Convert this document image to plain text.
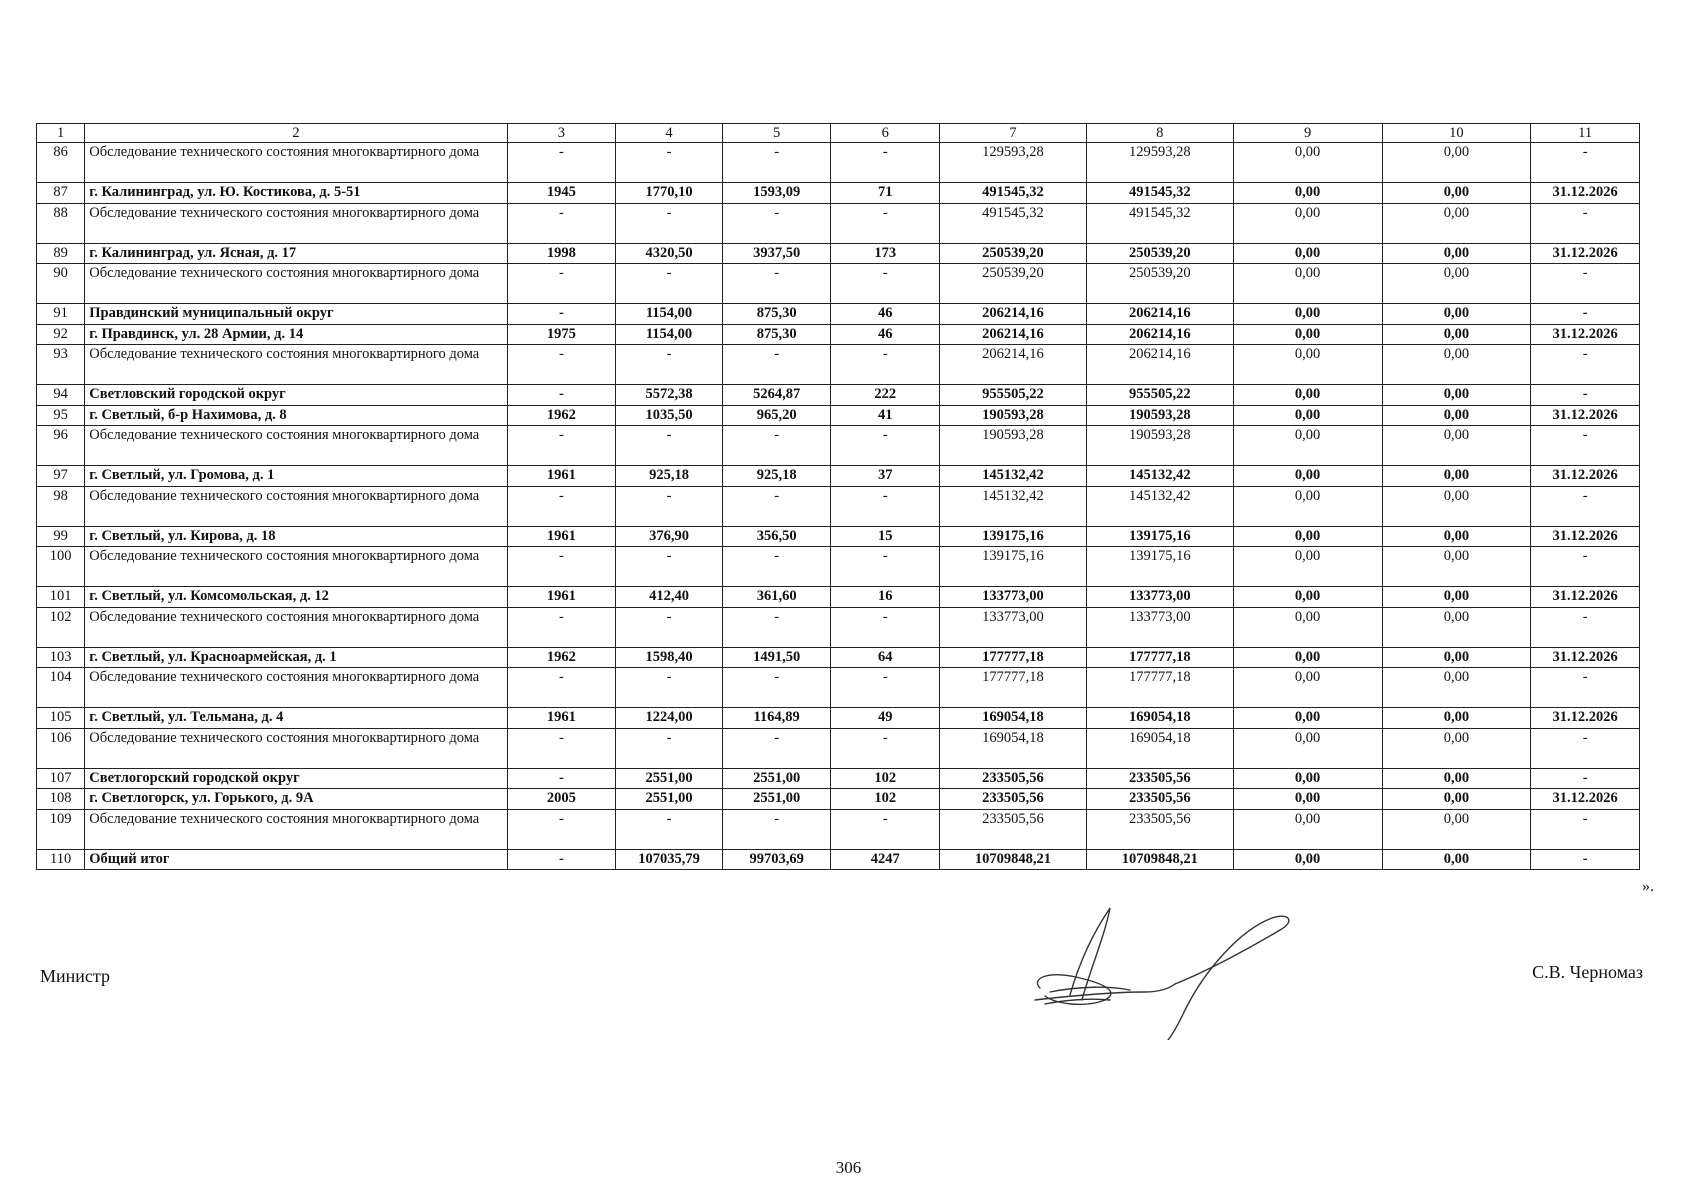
1	2	3	4	5	6	7	8	9	10	11
86	Обследование технического состояния многоквартирного дома	-	-	-	-	129593,28	129593,28	0,00	0,00	-
87	г. Калининград, ул. Ю. Костикова, д. 5-51	1945	1770,10	1593,09	71	491545,32	491545,32	0,00	0,00	31.12.2026
88	Обследование технического состояния многоквартирного дома	-	-	-	-	491545,32	491545,32	0,00	0,00	-
89	г. Калининград, ул. Ясная, д. 17	1998	4320,50	3937,50	173	250539,20	250539,20	0,00	0,00	31.12.2026
90	Обследование технического состояния многоквартирного дома	-	-	-	-	250539,20	250539,20	0,00	0,00	-
91	Правдинский муниципальный округ	-	1154,00	875,30	46	206214,16	206214,16	0,00	0,00	-
92	г. Правдинск, ул. 28 Армии, д. 14	1975	1154,00	875,30	46	206214,16	206214,16	0,00	0,00	31.12.2026
93	Обследование технического состояния многоквартирного дома	-	-	-	-	206214,16	206214,16	0,00	0,00	-
94	Светловский городской округ	-	5572,38	5264,87	222	955505,22	955505,22	0,00	0,00	-
95	г. Светлый, б-р Нахимова, д. 8	1962	1035,50	965,20	41	190593,28	190593,28	0,00	0,00	31.12.2026
96	Обследование технического состояния многоквартирного дома	-	-	-	-	190593,28	190593,28	0,00	0,00	-
97	г. Светлый, ул. Громова, д. 1	1961	925,18	925,18	37	145132,42	145132,42	0,00	0,00	31.12.2026
98	Обследование технического состояния многоквартирного дома	-	-	-	-	145132,42	145132,42	0,00	0,00	-
99	г. Светлый, ул. Кирова, д. 18	1961	376,90	356,50	15	139175,16	139175,16	0,00	0,00	31.12.2026
100	Обследование технического состояния многоквартирного дома	-	-	-	-	139175,16	139175,16	0,00	0,00	-
101	г. Светлый, ул. Комсомольская, д. 12	1961	412,40	361,60	16	133773,00	133773,00	0,00	0,00	31.12.2026
102	Обследование технического состояния многоквартирного дома	-	-	-	-	133773,00	133773,00	0,00	0,00	-
103	г. Светлый, ул. Красноармейская, д. 1	1962	1598,40	1491,50	64	177777,18	177777,18	0,00	0,00	31.12.2026
104	Обследование технического состояния многоквартирного дома	-	-	-	-	177777,18	177777,18	0,00	0,00	-
105	г. Светлый, ул. Тельмана, д. 4	1961	1224,00	1164,89	49	169054,18	169054,18	0,00	0,00	31.12.2026
106	Обследование технического состояния многоквартирного дома	-	-	-	-	169054,18	169054,18	0,00	0,00	-
107	Светлогорский городской округ	-	2551,00	2551,00	102	233505,56	233505,56	0,00	0,00	-
108	г. Светлогорск, ул. Горького, д. 9А	2005	2551,00	2551,00	102	233505,56	233505,56	0,00	0,00	31.12.2026
109	Обследование технического состояния многоквартирного дома	-	-	-	-	233505,56	233505,56	0,00	0,00	-
110	Общий итог	-	107035,79	99703,69	4247	10709848,21	10709848,21	0,00	0,00	-
».
Министр	С.В. Черномаз
306
